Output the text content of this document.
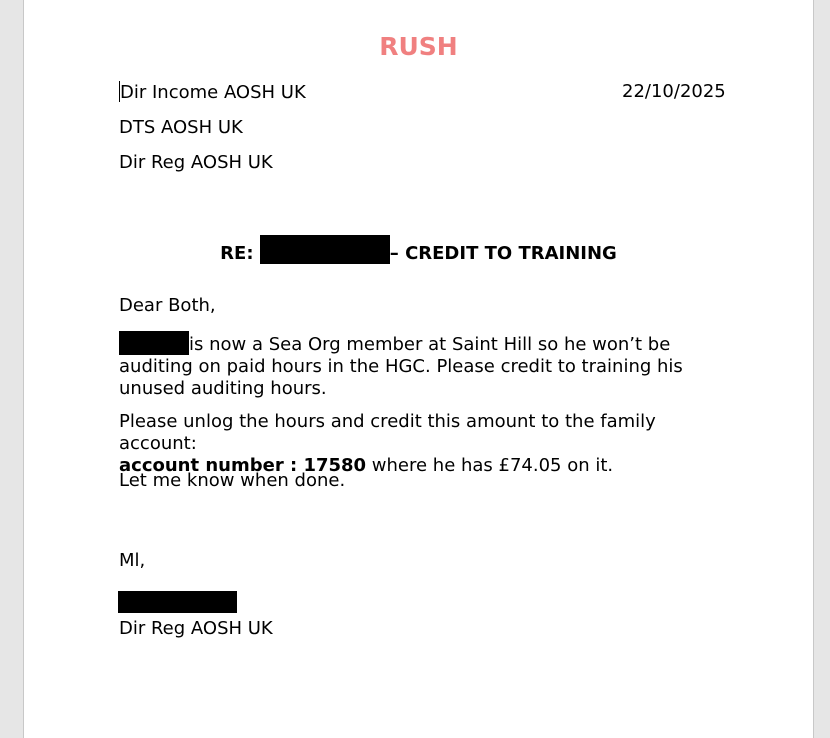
RUSH
Dir Income AOSH UK	22/10/2025
DTS AOSH UK
Dir Reg AOSH UK
RE:	– CREDIT TO TRAINING
Dear Both,
is now a Sea Org member at Saint Hill so he won’t be auditing on paid hours in the HGC. Please credit to training his unused auditing hours.
Please unlog the hours and credit this amount to the family account:
account number : 17580 where he has £74.05 on it.
Let me know when done.
Ml,
Dir Reg AOSH UK
